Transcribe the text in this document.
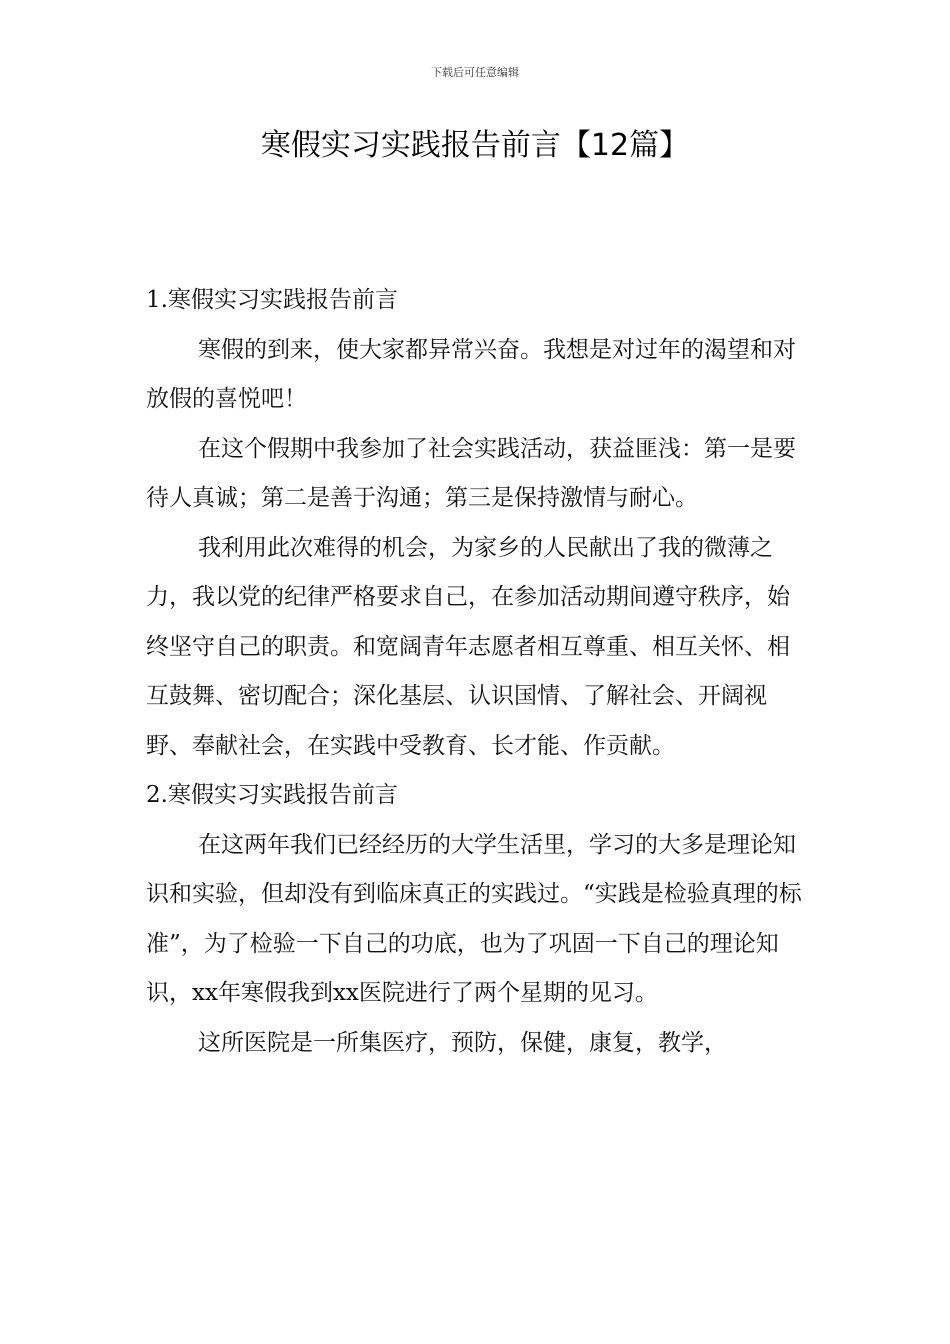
下载后可任意编辑
寒假实习实践报告前言【12篇】

1.寒假实习实践报告前言

寒假的到来，使大家都异常兴奋。我想是对过年的渴望和对放假的喜悦吧！

在这个假期中我参加了社会实践活动，获益匪浅：第一是要待人真诚；第二是善于沟通；第三是保持激情与耐心。

我利用此次难得的机会，为家乡的人民献出了我的微薄之力，我以党的纪律严格要求自己，在参加活动期间遵守秩序，始终坚守自己的职责。和宽阔青年志愿者相互尊重、相互关怀、相互鼓舞、密切配合；深化基层、认识国情、了解社会、开阔视野、奉献社会，在实践中受教育、长才能、作贡献。

2.寒假实习实践报告前言

在这两年我们已经经历的大学生活里，学习的大多是理论知识和实验，但却没有到临床真正的实践过。“实践是检验真理的标准”，为了检验一下自己的功底，也为了巩固一下自己的理论知识，xx年寒假我到xx医院进行了两个星期的见习。

这所医院是一所集医疗，预防，保健，康复，教学，
